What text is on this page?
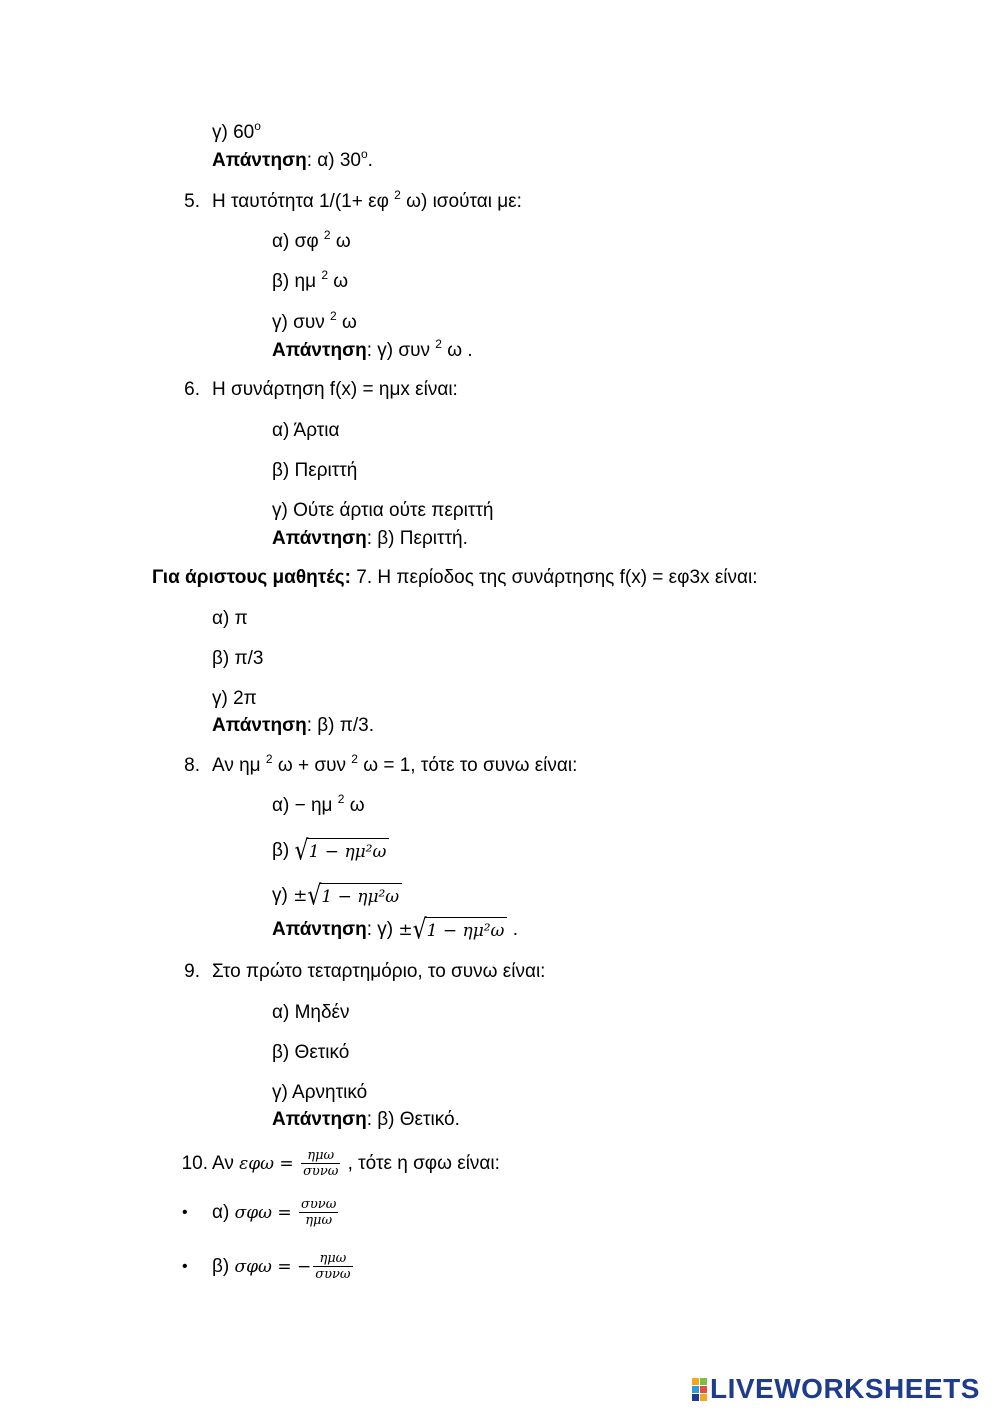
γ) $60^o$
Απάντηση: α) $30^o$.
5. Η ταυτότητα 1/(1+ εφ $^2$ ω) ισούται με:
α) σφ $^2$ ω
β) ημ $^2$ ω
γ) συν $^2$ ω
Απάντηση: γ) συν $^2$ ω .
6. Η συνάρτηση f(x) = ημx είναι:
α) Άρτια
β) Περιττή
γ) Ούτε άρτια ούτε περιττή
Απάντηση: β) Περιττή.
Για άριστους μαθητές: 7. Η περίοδος της συνάρτησης f(x) = εφ3x είναι:
α) π
β) π/3
γ) 2π
Απάντηση: β) π/3.
8. Αν ημ $^2$ ω + συν $^2$ ω = 1, τότε το συνω είναι:
α) − ημ $^2$ ω
β) √1 − ημ²ω
γ) ±√1 − ημ²ω
Απάντηση: γ) ±√1 − ημ²ω .
9. Στο πρώτο τεταρτημόριο, το συνω είναι:
α) Μηδέν
β) Θετικό
γ) Αρνητικό
Απάντηση: β) Θετικό.
10. Αν $\varepsilon\varphi\omega = \frac{\text{ημω}}{\text{συνω}}$ , τότε η σφω είναι:
• α) $\sigma\varphi\omega = \frac{\text{συνω}}{\text{ημω}}$
• β) σφω = − $\frac{\text{ημω}}{\text{συνω}}$
LIVEWORKSHEETS
